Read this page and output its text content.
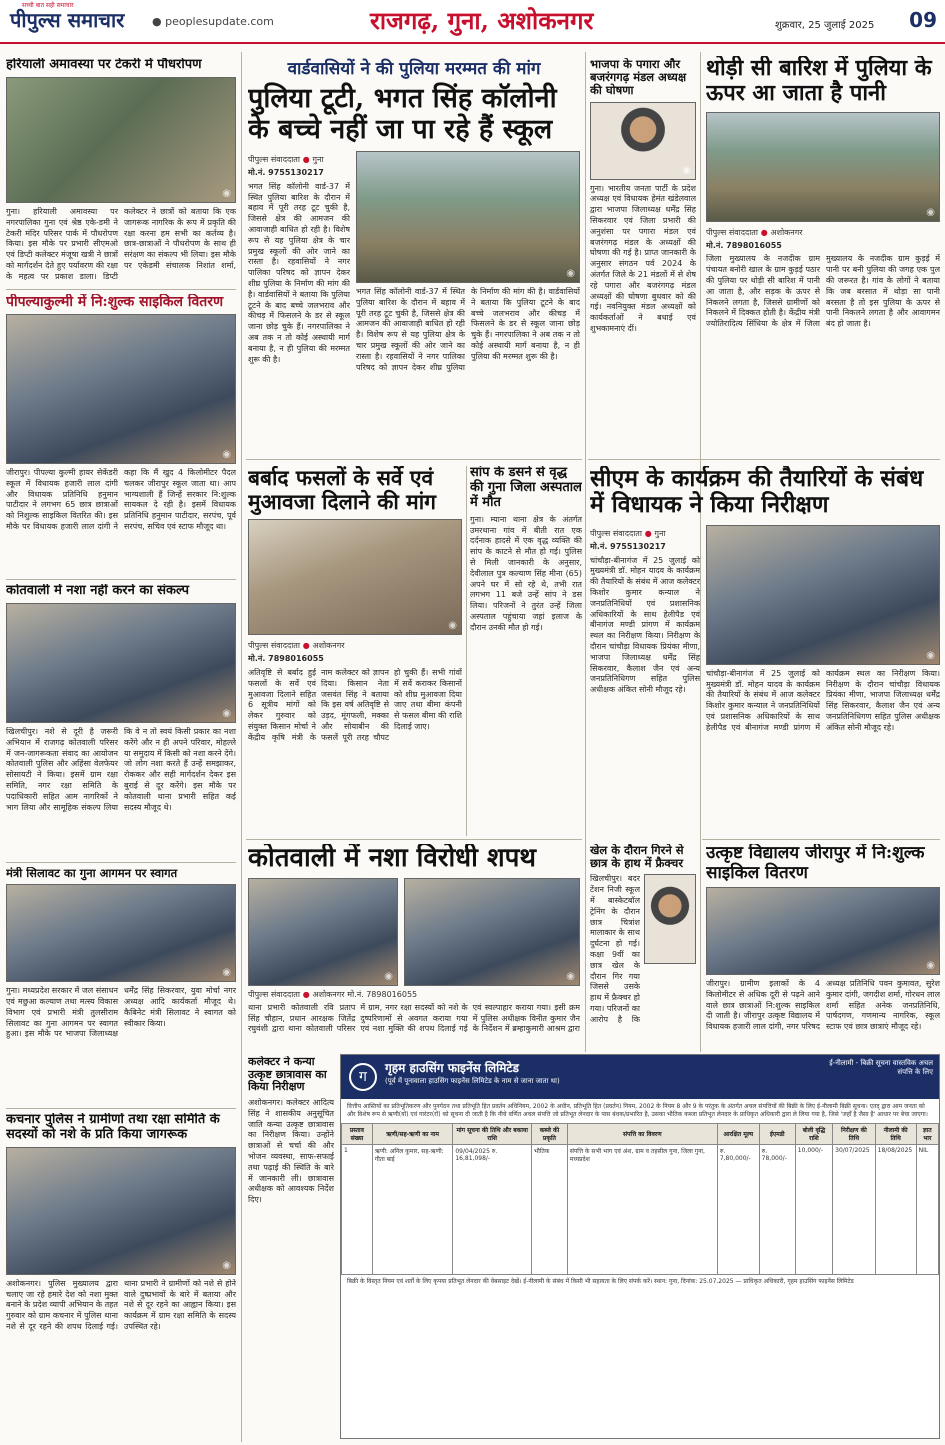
सच्ची बात सही समाचार
पीपुल्स समाचार	● peoplesupdate.com	राजगढ़, गुना, अशोकनगर	शुक्रवार, 25 जुलाई 2025 09
हरियाली अमावस्या पर टेकरी में पौधरोपण
◉
गुना। हरियाली अमावस्या पर नगरपालिका गुना एवं श्रेष्ठ एके-डमी ने टेकरी मंदिर परिसर पार्क में पौधरोपण किया। इस मौके पर प्रभारी सीएमओ एवं डिप्टी कलेक्टर मंजूषा खत्री ने छात्रों को मार्गदर्शन देते हुए पर्यावरण की रक्षा के महत्व पर प्रकाश डाला। डिप्टी कलेक्टर ने छात्रों को बताया कि एक जागरूक नागरिक के रूप में प्रकृति की रक्षा करना हम सभी का कर्तव्य है। छात्र-छात्राओं ने पौधरोपण के साथ ही सरंक्षण का संकल्प भी लिया। इस मौके पर एकेडमी संचालक निशांत शर्मा,
पीपल्याकुल्मी में नि:शुल्क साइकिल वितरण
◉
जीरापुर। पीपल्या कुल्मी हायर सेकेंडरी स्कूल में विधायक हजारी लाल दांगी और विधायक प्रतिनिधि हनुमान पाटीदार ने लगभग 65 छात्र छात्राओं को निशुल्क साइकिल वितरित की। इस मौके पर विधायक हजारी लाल दांगी ने कहा कि मैं खुद 4 किलोमीटर पैदल चलकर जीरापुर स्कूल जाता था। आप भाग्यशाली हैं जिन्हें सरकार नि:शुल्क सायकल दे रही है। इसमें विधायक प्रतिनिधि हनुमान पाटीदार, सरपंच, पूर्व सरपंच, सचिव एवं स्टाफ मौजूद था।
कोतवाली में नशा नहीं करने का संकल्प
◉
खिलचीपुर। नशे से दूरी है जरूरी अभियान में राजगढ़ कोतवाली परिसर में जन-जागरूकता संवाद का आयोजन कोतवाली पुलिस और अहिंसा वेलफेयर सोसायटी ने किया। इसमें ग्राम रक्षा समिति, नगर रक्षा समिति के पदाधिकारी सहित आम नागरिकों ने भाग लिया और सामूहिक संकल्प लिया कि वे न तो स्वयं किसी प्रकार का नशा करेंगे और न ही अपने परिवार, मोहल्ले या समुदाय में किसी को नशा करने देंगे। जो लोग नशा करते हैं उन्हें समझाकर, रोककर और सही मार्गदर्शन देकर इस बुराई से दूर करेंगे। इस मौके पर कोतवाली थाना प्रभारी सहित कई सदस्य मौजूद थे।
मंत्री सिलावट का गुना आगमन पर स्वागत
◉
गुना। मध्यप्रदेश सरकार में जल संसाधन एवं मछुआ कल्याण तथा मत्स्य विकास विभाग एवं प्रभारी मंत्री तुलसीराम सिलावट का गुना आगमन पर स्वागत हुआ। इस मौके पर भाजपा जिलाध्यक्ष धर्मेंद्र सिंह सिकरवार, युवा मोर्चा नगर अध्यक्ष आदि कार्यकर्ता मौजूद थे। कैबिनेट मंत्री सिलावट ने स्वागत को स्वीकार किया।
कचनार पुलिस ने ग्रामीणों तथा रक्षा समिति के सदस्यों को नशे के प्रति किया जागरूक
◉
अशोकनगर। पुलिस मुख्यालय द्वारा चलाए जा रहे हमारे देश को नशा मुक्त बनाने के प्रदेश व्यापी अभियान के तहत गुरुवार को ग्राम कचनार में पुलिस थाना नशे से दूर रहने की शपथ दिलाई गई। थाना प्रभारी ने ग्रामीणों को नशे से होने वाले दुष्प्रभावों के बारे में बताया और नशे से दूर रहने का आह्वान किया। इस कार्यक्रम में ग्राम रक्षा समिति के सदस्य उपस्थित रहे।
वार्डवासियों ने की पुलिया मरम्मत की मांग
पुलिया टूटी, भगत सिंह कॉलोनी के बच्चे नहीं जा पा रहे हैं स्कूल
पीपुल्स संवाददाता ● गुना
मो.नं. 9755130217
भगत सिंह कॉलोनी वार्ड-37 में स्थित पुलिया बारिश के दौरान में बहाव में पूरी तरह टूट चुकी है, जिससे क्षेत्र की आमजन की आवाजाही बाधित हो रही है। विशेष रूप से यह पुलिया क्षेत्र के चार प्रमुख स्कूलों की ओर जाने का रास्ता है। रहवासियों ने नगर पालिका परिषद को ज्ञापन देकर शीघ्र पुलिया के निर्माण की मांग की है। वार्डवासियों ने बताया कि पुलिया टूटने के बाद बच्चे जलभराव और कीचड़ में फिसलने के डर से स्कूल जाना छोड़ चुके हैं। नगरपालिका ने अब तक न तो कोई अस्थायी मार्ग बनाया है, न ही पुलिया की मरम्मत शुरू की है।
◉
भगत सिंह कॉलोनी वार्ड-37 में स्थित पुलिया बारिश के दौरान में बहाव में पूरी तरह टूट चुकी है, जिससे क्षेत्र की आमजन की आवाजाही बाधित हो रही है। विशेष रूप से यह पुलिया क्षेत्र के चार प्रमुख स्कूलों की ओर जाने का रास्ता है। रहवासियों ने नगर पालिका परिषद को ज्ञापन देकर शीघ्र पुलिया के निर्माण की मांग की है। वार्डवासियों ने बताया कि पुलिया टूटने के बाद बच्चे जलभराव और कीचड़ में फिसलने के डर से स्कूल जाना छोड़ चुके हैं। नगरपालिका ने अब तक न तो कोई अस्थायी मार्ग बनाया है, न ही पुलिया की मरम्मत शुरू की है।
बर्बाद फसलों के सर्वे एवं मुआवजा दिलाने की मांग
◉
पीपुल्स संवाददाता ● अशोकनगर
मो.नं. 7898016055
अतिवृष्टि से बर्बाद हुई फसलों के सर्वे एवं मुआवजा दिलाने सहित 6 सूत्रीय मांगों को लेकर गुरुवार को संयुक्त किसान मोर्चा ने केंद्रीय कृषि मंत्री के नाम कलेक्टर को ज्ञापन दिया। किसान नेता जसवंत सिंह ने बताया कि इस वर्ष अतिवृष्टि से उड़द, मूंगफली, मक्का और सोयाबीन की फसलें पूरी तरह चौपट हो चुकी हैं। सभी गांवों में सर्वे कराकर किसानों को शीघ्र मुआवजा दिया जाए तथा बीमा कंपनी से फसल बीमा की राशि दिलाई जाए।
सांप के डसने से वृद्ध की गुना जिला अस्पताल में मौत
गुना। म्याना थाना क्षेत्र के अंतर्गत उमरथाना गांव में बीती रात एक दर्दनाक हादसे में एक वृद्ध व्यक्ति की सांप के काटने से मौत हो गई। पुलिस से मिली जानकारी के अनुसार, देवीलाल पुत्र कल्याण सिंह मीना (65) अपने घर में सो रहे थे, तभी रात लगभग 11 बजे उन्हें सांप ने डस लिया। परिजनों ने तुरंत उन्हें जिला अस्पताल पहुंचाया जहां इलाज के दौरान उनकी मौत हो गई।
कोतवाली में नशा विरोधी शपथ
◉	◉
पीपुल्स संवाददाता ● अशोकनगर मो.नं. 7898016055
थाना प्रभारी कोतवाली रवि प्रताप सिंह चौहान, प्रधान आरक्षक जितेंद्र रघुवंशी द्वारा थाना कोतवाली परिसर में ग्राम, नगर रक्षा सदस्यों को नशे के दुष्परिणामों से अवगत कराया गया एवं नशा मुक्ति की शपथ दिलाई गई एवं स्वल्पाहार कराया गया। इसी क्रम में पुलिस अधीक्षक विनीत कुमार जैन के निर्देशन में ब्रम्हाकुमारी आश्रम द्वारा
कलेक्टर ने कन्या उत्कृष्ट छात्रावास का किया निरीक्षण
अशोकनगर। कलेक्टर आदित्य सिंह ने शासकीय अनुसूचित जाति कन्या उत्कृष्ट छात्रावास का निरीक्षण किया। उन्होंने छात्राओं से चर्चा की और भोजन व्यवस्था, साफ-सफाई तथा पढ़ाई की स्थिति के बारे में जानकारी ली। छात्रावास अधीक्षक को आवश्यक निर्देश दिए।
भाजपा के पगारा और बजरंगगढ़ मंडल अध्यक्ष की घोषणा
◉
गुना। भारतीय जनता पार्टी के प्रदेश अध्यक्ष एवं विधायक हेमंत खंडेलवाल द्वारा भाजपा जिलाध्यक्ष धर्मेंद्र सिंह सिकरवार एवं जिला प्रभारी की अनुशंसा पर पगारा मंडल एवं बजरंगगढ़ मंडल के अध्यक्षों की घोषणा की गई है। प्राप्त जानकारी के अनुसार संगठन पर्व 2024 के अंतर्गत जिले के 21 मंडलों में से शेष रहे पगारा और बजरंगगढ़ मंडल अध्यक्षों की घोषणा बुधवार को की गई। नवनियुक्त मंडल अध्यक्षों को कार्यकर्ताओं ने बधाई एवं शुभकामनाएं दीं।
खेल के दौरान गिरने से छात्र के हाथ में फ्रैक्चर
खिलचीपुर। बदर टेंशन निजी स्कूल में बास्केटबॉल ट्रेनिंग के दौरान छात्र चित्रांश मालाकार के साथ दुर्घटना हो गई। कक्षा 9वीं का छात्र खेल के दौरान गिर गया जिससे उसके हाथ में फ्रैक्चर हो गया। परिजनों का आरोप है कि
थोड़ी सी बारिश में पुलिया के ऊपर आ जाता है पानी
◉
पीपुल्स संवाददाता ● अशोकनगर
मो.नं. 7898016055
जिला मुख्यालय के नजदीक ग्राम पंचायत बनोरी खाल के ग्राम कुड़ई पठार की पुलिया पर थोड़ी सी बारिश में पानी आ जाता है, और सड़क के ऊपर से निकलने लगता है, जिससे ग्रामीणों को निकलने में दिक्कत होती है। केंद्रीय मंत्री ज्योतिरादित्य सिंधिया के क्षेत्र में जिला मुख्यालय के नजदीक ग्राम कुड़ई में पानी पर बनी पुलिया की जगह एक पुल की जरूरत है। गांव के लोगों ने बताया कि जब बरसात में थोड़ा सा पानी बरसता है तो इस पुलिया के ऊपर से पानी निकलने लगता है और आवागमन बंद हो जाता है।
सीएम के कार्यक्रम की तैयारियों के संबंध में विधायक ने किया निरीक्षण
पीपुल्स संवाददाता ● गुना
मो.नं. 9755130217
चांचौड़ा-बीनागंज में 25 जुलाई को मुख्यमंत्री डॉ. मोहन यादव के कार्यक्रम की तैयारियों के संबंध में आज कलेक्टर किशोर कुमार कन्याल ने जनप्रतिनिधियों एवं प्रशासनिक अधिकारियों के साथ हेलीपैड एवं बीनागंज मण्डी प्रांगण में कार्यक्रम स्थल का निरीक्षण किया। निरीक्षण के दौरान चांचौड़ा विधायक प्रियंका मीणा, भाजपा जिलाध्यक्ष धर्मेंद्र सिंह सिकरवार, कैलाश जैन एवं अन्य जनप्रतिनिधिगण सहित पुलिस अधीक्षक अंकित सोनी मौजूद रहे।
◉
चांचौड़ा-बीनागंज में 25 जुलाई को मुख्यमंत्री डॉ. मोहन यादव के कार्यक्रम की तैयारियों के संबंध में आज कलेक्टर किशोर कुमार कन्याल ने जनप्रतिनिधियों एवं प्रशासनिक अधिकारियों के साथ हेलीपैड एवं बीनागंज मण्डी प्रांगण में कार्यक्रम स्थल का निरीक्षण किया। निरीक्षण के दौरान चांचौड़ा विधायक प्रियंका मीणा, भाजपा जिलाध्यक्ष धर्मेंद्र सिंह सिकरवार, कैलाश जैन एवं अन्य जनप्रतिनिधिगण सहित पुलिस अधीक्षक अंकित सोनी मौजूद रहे।
उत्कृष्ट विद्यालय जीरापुर में नि:शुल्क साइकिल वितरण
◉
जीरापुर। ग्रामीण इलाकों के 4 किलोमीटर से अधिक दूरी से पढ़ने आने वाले छात्र छात्राओं नि:शुल्क साइकिल दी जाती है। जीरापुर उत्कृष्ट विद्यालय में विधायक हजारी लाल दांगी, नगर परिषद अध्यक्ष प्रतिनिधि पवन कुमावत, सुरेश कुमार दांगी, जगदीश शर्मा, गोरधन लाल शर्मा सहित अनेक जनप्रतिनिधि, पार्षदगण, गणमान्य नागरिक, स्कूल स्टाफ एवं छात्र छात्राएं मौजूद रहे।
ग
गृहम हाउसिंग फाइनेंस लिमिटेड
(पूर्व में पूनावाला हाउसिंग फाइनेंस लिमिटेड के नाम से जाना जाता था)
ई-नीलामी - बिक्री सूचना वास्तविक अचल संपत्ति के लिए
वित्तीय आस्तियों का प्रतिभूतिकरण और पुनर्गठन तथा प्रतिभूति हित प्रवर्तन अधिनियम, 2002 के अधीन, प्रतिभूति हित (प्रवर्तन) नियम, 2002 के नियम 8 और 9 के परंतुक के अंतर्गत अचल संपत्तियों की बिक्री के लिए ई-नीलामी बिक्री सूचना। एतद् द्वारा आम जनता को और विशेष रूप से ऋणी(यों) एवं गारंटर(रों) को सूचना दी जाती है कि नीचे वर्णित अचल संपत्ति जो प्रतिभूत लेनदार के पास बंधक/प्रभारित है, उसका भौतिक कब्जा प्रतिभूत लेनदार के प्राधिकृत अधिकारी द्वारा ले लिया गया है, जिसे 'जहाँ है जैसा है' आधार पर बेचा जाएगा।
प्रस्ताव संख्या	ऋणी/सह-ऋणी का नाम	मांग सूचना की तिथि और बकाया राशि	कब्जे की प्रकृति	संपत्ति का विवरण	आरक्षित मूल्य	ईएमडी	बोली वृद्धि राशि	निरीक्षण की तिथि	नीलामी की तिथि	ज्ञात भार
1	ऋणी: अनिल कुमार, सह-ऋणी: गीता बाई	09/04/2025 रु. 16,81,098/-	भौतिक	संपत्ति के सभी भाग एवं अंश, ग्राम व तहसील गुना, जिला गुना, मध्यप्रदेश	रु. 7,80,000/-	रु. 78,000/-	10,000/-	30/07/2025	18/08/2025	NIL
बिक्री के विस्तृत नियम एवं शर्तों के लिए कृपया प्रतिभूत लेनदार की वेबसाइट देखें। ई-नीलामी के संबंध में किसी भी सहायता के लिए संपर्क करें। स्थान: गुना, दिनांक: 25.07.2025 — प्राधिकृत अधिकारी, गृहम हाउसिंग फाइनेंस लिमिटेड
